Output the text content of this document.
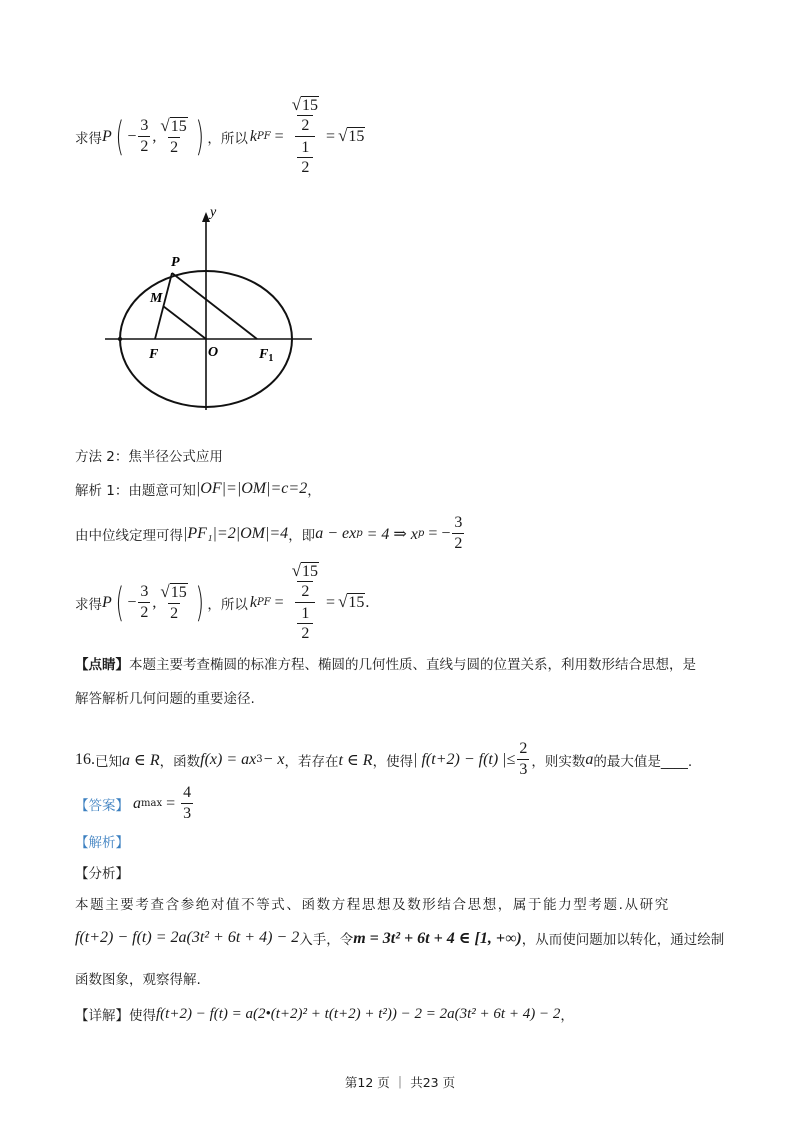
求得 P ( − $\frac{3}{2}$ , $\frac{√ 15}{2}$ ) ，所以 k PF = √ 15
2
1
2 = √ 15
y
P
M
F	O	$F_1$
方法 2：焦半径公式应用
解析 1：由题意可知 |OF|=|OM|=c=2 ，
由中位线定理可得 |PF₁|=2|OM|=4 ，即 a − ex p = 4 ⇒ x p = − $\frac{3}{2}$
求得 P ( − $\frac{3}{2}$ , $\frac{√ 15}{2}$ ) ，所以 k PF = √ 15
2
1
2 = √ 15 .
【点睛】本题主要考查椭圆的标准方程、椭圆的几何性质、直线与圆的位置关系，利用数形结合思想，是
解答解析几何问题的重要途径.
16. 已知 a ∈ R ，函数 f(x) = ax 3 − x ，若存在 t ∈ R ，使得 | f(t+2) − f(t) |≤ $\frac{2}{3}$ ，则实数 a 的最大值是____.
【答案】 a $\max = \frac{4}{3}$
【解析】
【分析】
本题主要考查含参绝对值不等式、函数方程思想及数形结合思想，属于能力型考题.从研究
f(t+2) − f(t) = 2a(3t² + 6t + 4) − 2 入手，令 m = 3t² + 6t + 4 ∈ [1, +∞) ，从而使问题加以转化，通过绘制
函数图象，观察得解.
【详解】 使得 f(t+2) − f(t) = a(2•(t+2)² + t(t+2) + t²)) − 2 = 2a(3t² + 6t + 4) − 2 ，
第12 页 ｜ 共23 页
